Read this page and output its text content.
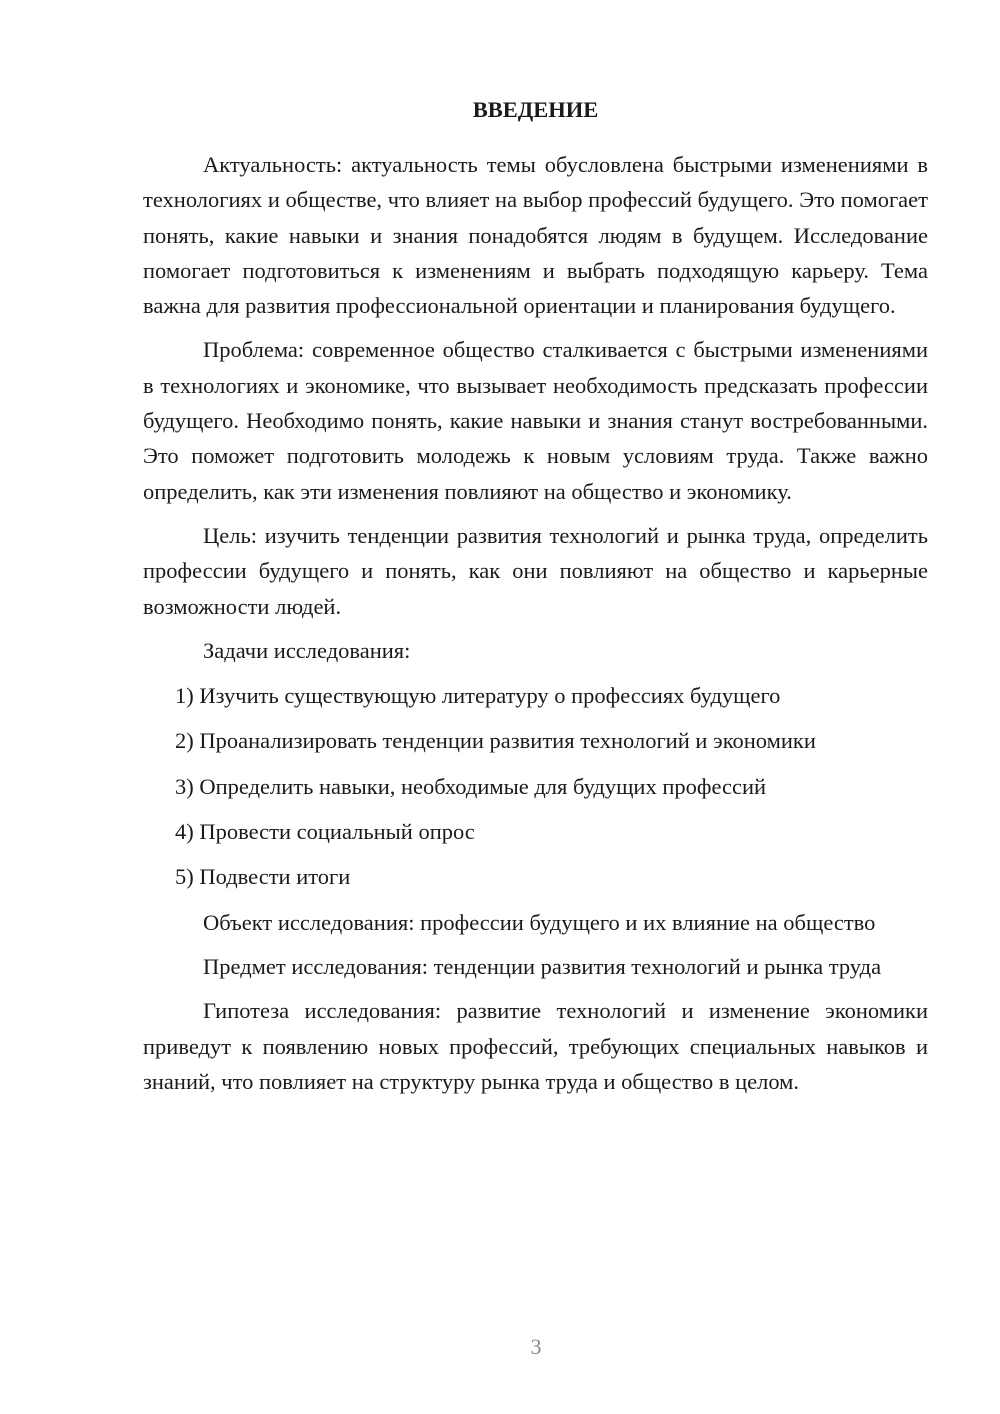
ВВЕДЕНИЕ

Актуальность: актуальность темы обусловлена быстрыми изменениями в технологиях и обществе, что влияет на выбор профессий будущего. Это помогает понять, какие навыки и знания понадобятся людям в будущем. Исследование помогает подготовиться к изменениям и выбрать подходящую карьеру. Тема важна для развития профессиональной ориентации и планирования будущего.

Проблема: современное общество сталкивается с быстрыми изменениями в технологиях и экономике, что вызывает необходимость предсказать профессии будущего. Необходимо понять, какие навыки и знания станут востребованными. Это поможет подготовить молодежь к новым условиям труда. Также важно определить, как эти изменения повлияют на общество и экономику.

Цель: изучить тенденции развития технологий и рынка труда, определить профессии будущего и понять, как они повлияют на общество и карьерные возможности людей.

Задачи исследования:

1) Изучить существующую литературу о профессиях будущего
2) Проанализировать тенденции развития технологий и экономики
3) Определить навыки, необходимые для будущих профессий
4) Провести социальный опрос
5) Подвести итоги

Объект исследования: профессии будущего и их влияние на общество

Предмет исследования: тенденции развития технологий и рынка труда

Гипотеза исследования: развитие технологий и изменение экономики приведут к появлению новых профессий, требующих специальных навыков и знаний, что повлияет на структуру рынка труда и общество в целом.

3
